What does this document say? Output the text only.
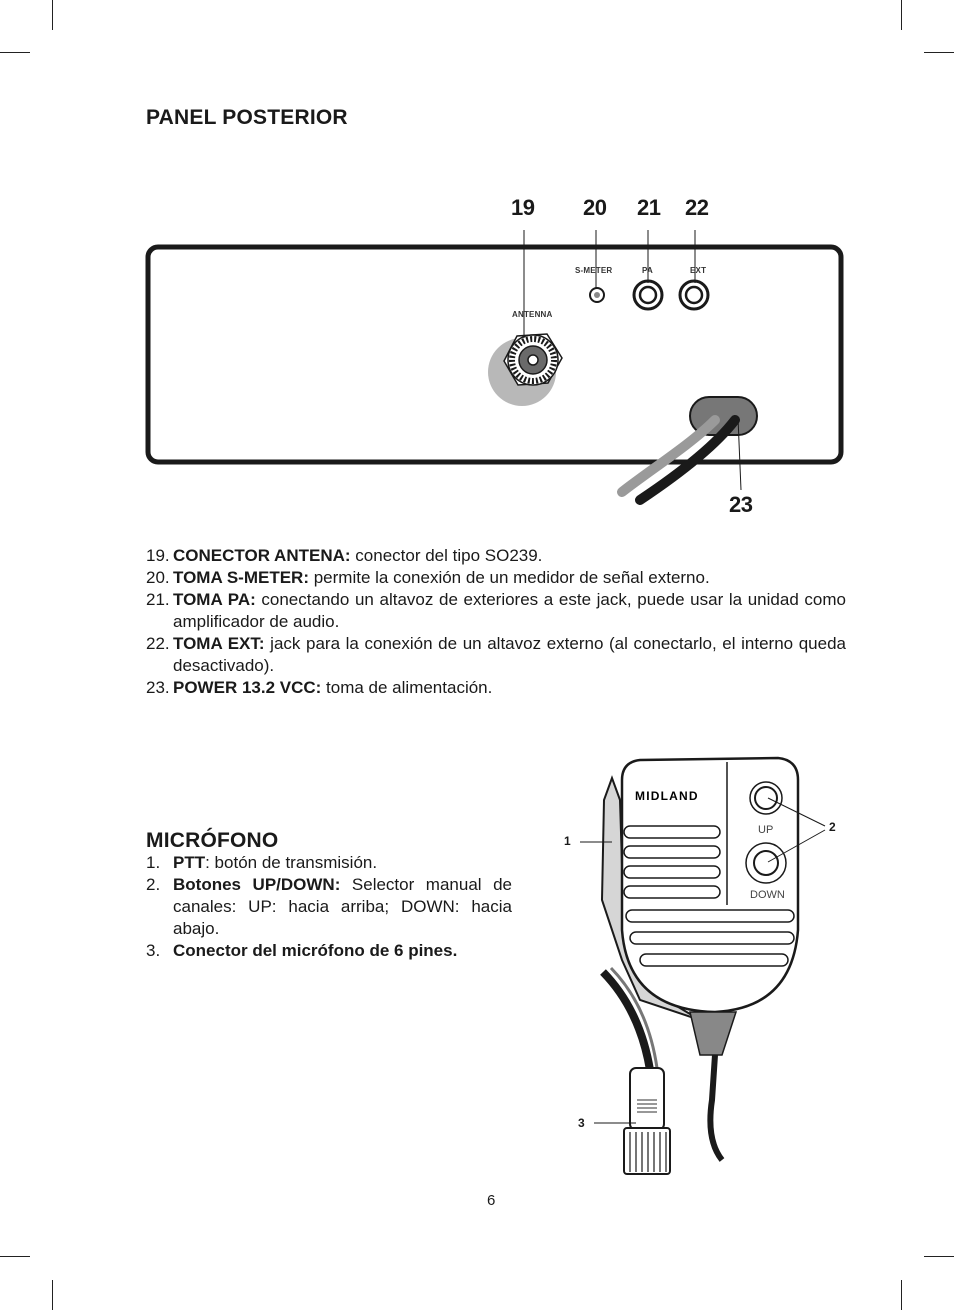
PANEL POSTERIOR
19 20 21 22
23
ANTENNA
S-METER	PA	EXT
19. CONECTOR ANTENA: conector del tipo SO239.
20. TOMA S-METER: permite la conexión de un medidor de señal externo.
21. TOMA PA: conectando un altavoz de exteriores a este jack, puede usar la unidad como amplificador de audio.
22. TOMA EXT: jack para la conexión de un altavoz externo (al conectarlo, el interno queda desactivado).
23. POWER 13.2 VCC: toma de alimentación.
MICRÓFONO
1. PTT: botón de transmisión.
2. Botones UP/DOWN: Selector manual de canales: UP: hacia arriba; DOWN: hacia abajo.
3. Conector del micrófono de 6 pines.
MIDLAND
UP
DOWN
1
2
3
6
